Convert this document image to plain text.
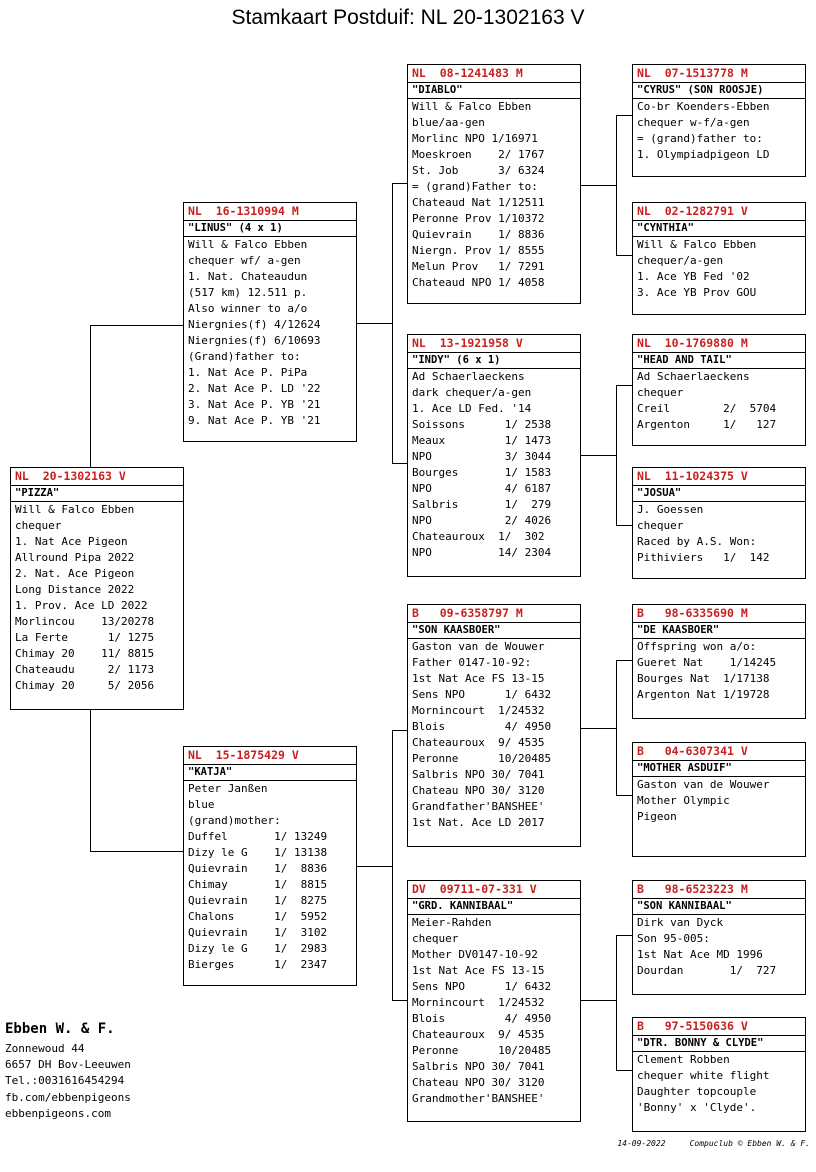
Stamkaart Postduif: NL 20-1302163 V
NL  20-1302163 V
"PIZZA"
Will & Falco Ebben
chequer
1. Nat Ace Pigeon
Allround Pipa 2022
2. Nat. Ace Pigeon
Long Distance 2022
1. Prov. Ace LD 2022
Morlincou    13/20278
La Ferte      1/ 1275
Chimay 20    11/ 8815
Chateaudu     2/ 1173
Chimay 20     5/ 2056
NL  16-1310994 M
"LINUS" (4 x 1)
Will & Falco Ebben
chequer wf/ a-gen
1. Nat. Chateaudun
(517 km) 12.511 p.
Also winner to a/o
Niergnies(f) 4/12624
Niergnies(f) 6/10693
(Grand)father to:
1. Nat Ace P. PiPa
2. Nat Ace P. LD '22
3. Nat Ace P. YB '21
9. Nat Ace P. YB '21
NL  15-1875429 V
"KATJA"
Peter Janßen
blue
(grand)mother:
Duffel       1/ 13249
Dizy le G    1/ 13138
Quievrain    1/  8836
Chimay       1/  8815
Quievrain    1/  8275
Chalons      1/  5952
Quievrain    1/  3102
Dizy le G    1/  2983
Bierges      1/  2347
NL  08-1241483 M
"DIABLO"
Will & Falco Ebben
blue/aa-gen
Morlinc NPO 1/16971
Moeskroen    2/ 1767
St. Job      3/ 6324
= (grand)Father to:
Chateaud Nat 1/12511
Peronne Prov 1/10372
Quievrain    1/ 8836
Niergn. Prov 1/ 8555
Melun Prov   1/ 7291
Chateaud NPO 1/ 4058
NL  13-1921958 V
"INDY" (6 x 1)
Ad Schaerlaeckens
dark chequer/a-gen
1. Ace LD Fed. '14
Soissons      1/ 2538
Meaux         1/ 1473
NPO           3/ 3044
Bourges       1/ 1583
NPO           4/ 6187
Salbris       1/  279
NPO           2/ 4026
Chateauroux  1/  302
NPO          14/ 2304
B   09-6358797 M
"SON KAASBOER"
Gaston van de Wouwer
Father 0147-10-92:
1st Nat Ace FS 13-15
Sens NPO      1/ 6432
Mornincourt  1/24532
Blois         4/ 4950
Chateauroux  9/ 4535
Peronne      10/20485
Salbris NPO 30/ 7041
Chateau NPO 30/ 3120
Grandfather'BANSHEE'
1st Nat. Ace LD 2017
DV  09711-07-331 V
"GRD. KANNIBAAL"
Meier-Rahden
chequer
Mother DV0147-10-92
1st Nat Ace FS 13-15
Sens NPO      1/ 6432
Mornincourt  1/24532
Blois         4/ 4950
Chateauroux  9/ 4535
Peronne      10/20485
Salbris NPO 30/ 7041
Chateau NPO 30/ 3120
Grandmother'BANSHEE'
NL  07-1513778 M
"CYRUS" (SON ROOSJE)
Co-br Koenders-Ebben
chequer w-f/a-gen
= (grand)father to:
1. Olympiadpigeon LD
NL  02-1282791 V
"CYNTHIA"
Will & Falco Ebben
chequer/a-gen
1. Ace YB Fed '02
3. Ace YB Prov GOU
NL  10-1769880 M
"HEAD AND TAIL"
Ad Schaerlaeckens
chequer
Creil        2/  5704
Argenton     1/   127
NL  11-1024375 V
"JOSUA"
J. Goessen
chequer
Raced by A.S. Won:
Pithiviers   1/  142
B   98-6335690 M
"DE KAASBOER"
Offspring won a/o:
Gueret Nat    1/14245
Bourges Nat  1/17138
Argenton Nat 1/19728
B   04-6307341 V
"MOTHER ASDUIF"
Gaston van de Wouwer
Mother Olympic
Pigeon
B   98-6523223 M
"SON KANNIBAAL"
Dirk van Dyck
Son 95-005:
1st Nat Ace MD 1996
Dourdan       1/  727
B   97-5150636 V
"DTR. BONNY & CLYDE"
Clement Robben
chequer white flight
Daughter topcouple
'Bonny' x 'Clyde'.
Ebben W. & F.
Zonnewoud 44
6657 DH Bov-Leeuwen
Tel.:0031616454294
fb.com/ebbenpigeons
ebbenpigeons.com
14-09-2022     Compuclub © Ebben W. & F.
